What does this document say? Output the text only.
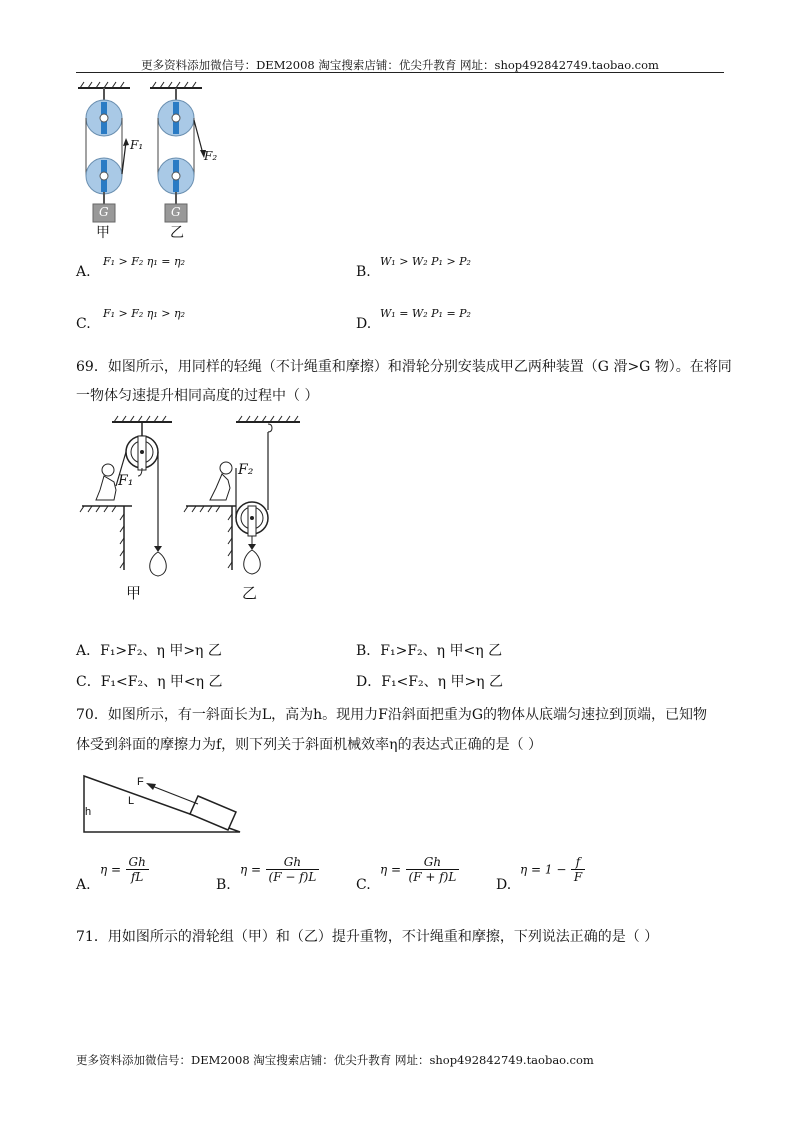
更多资料添加微信号：DEM2008 淘宝搜索店铺：优尖升教育 网址：shop492842749.taobao.com
更多资料添加微信号：DEM2008 淘宝搜索店铺：优尖升教育 网址：shop492842749.taobao.com
F₁
F₂
G	G
甲	乙
A.
F₁ > F₂ η₁ = η₂
B.
W₁ > W₂ P₁ > P₂
C.
F₁ > F₂ η₁ > η₂
D.
W₁ = W₂ P₁ = P₂
69．如图所示，用同样的轻绳（不计绳重和摩擦）和滑轮分别安装成甲乙两种装置（G 滑>G 物）。在将同
一物体匀速提升相同高度的过程中（ ）
F₁
F₂
甲	乙
A．F₁>F₂、η 甲>η 乙	B．F₁>F₂、η 甲<η 乙
C．F₁<F₂、η 甲<η 乙	D．F₁<F₂、η 甲>η 乙
70．如图所示，有一斜面长为L，高为h。现用力F沿斜面把重为G的物体从底端匀速拉到顶端，已知物
体受到斜面的摩擦力为f，则下列关于斜面机械效率η的表达式正确的是（ ）
F
L
h
A.
$\eta = \frac{Gh}{fL}$
B.
$\eta = \frac{Gh}{(F - f)L}$
C.
$\eta = \frac{Gh}{(F + f)L}$
D.
$\eta = 1 - \frac{f}{F}$
71．用如图所示的滑轮组（甲）和（乙）提升重物，不计绳重和摩擦，下列说法正确的是（ ）
